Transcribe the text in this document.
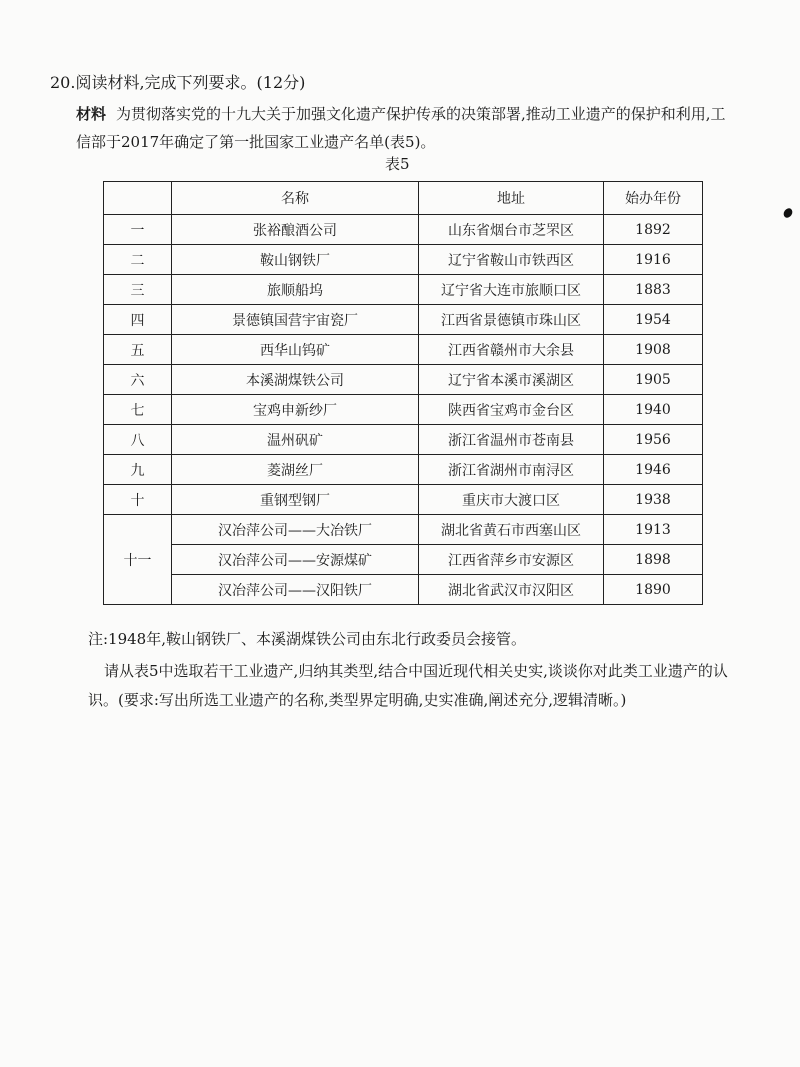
20.阅读材料,完成下列要求。(12分)
材料 为贯彻落实党的十九大关于加强文化遗产保护传承的决策部署,推动工业遗产的保护和利用,工信部于2017年确定了第一批国家工业遗产名单(表5)。
表5
	名称	地址	始办年份
一	张裕酿酒公司	山东省烟台市芝罘区	1892
二	鞍山钢铁厂	辽宁省鞍山市铁西区	1916
三	旅顺船坞	辽宁省大连市旅顺口区	1883
四	景德镇国营宇宙瓷厂	江西省景德镇市珠山区	1954
五	西华山钨矿	江西省赣州市大余县	1908
六	本溪湖煤铁公司	辽宁省本溪市溪湖区	1905
七	宝鸡申新纱厂	陕西省宝鸡市金台区	1940
八	温州矾矿	浙江省温州市苍南县	1956
九	菱湖丝厂	浙江省湖州市南浔区	1946
十	重钢型钢厂	重庆市大渡口区	1938
十一	汉冶萍公司——大冶铁厂	湖北省黄石市西塞山区	1913
	汉冶萍公司——安源煤矿	江西省萍乡市安源区	1898
	汉冶萍公司——汉阳铁厂	湖北省武汉市汉阳区	1890
注:1948年,鞍山钢铁厂、本溪湖煤铁公司由东北行政委员会接管。
请从表5中选取若干工业遗产,归纳其类型,结合中国近现代相关史实,谈谈你对此类工业遗产的认识。(要求:写出所选工业遗产的名称,类型界定明确,史实准确,阐述充分,逻辑清晰。)
